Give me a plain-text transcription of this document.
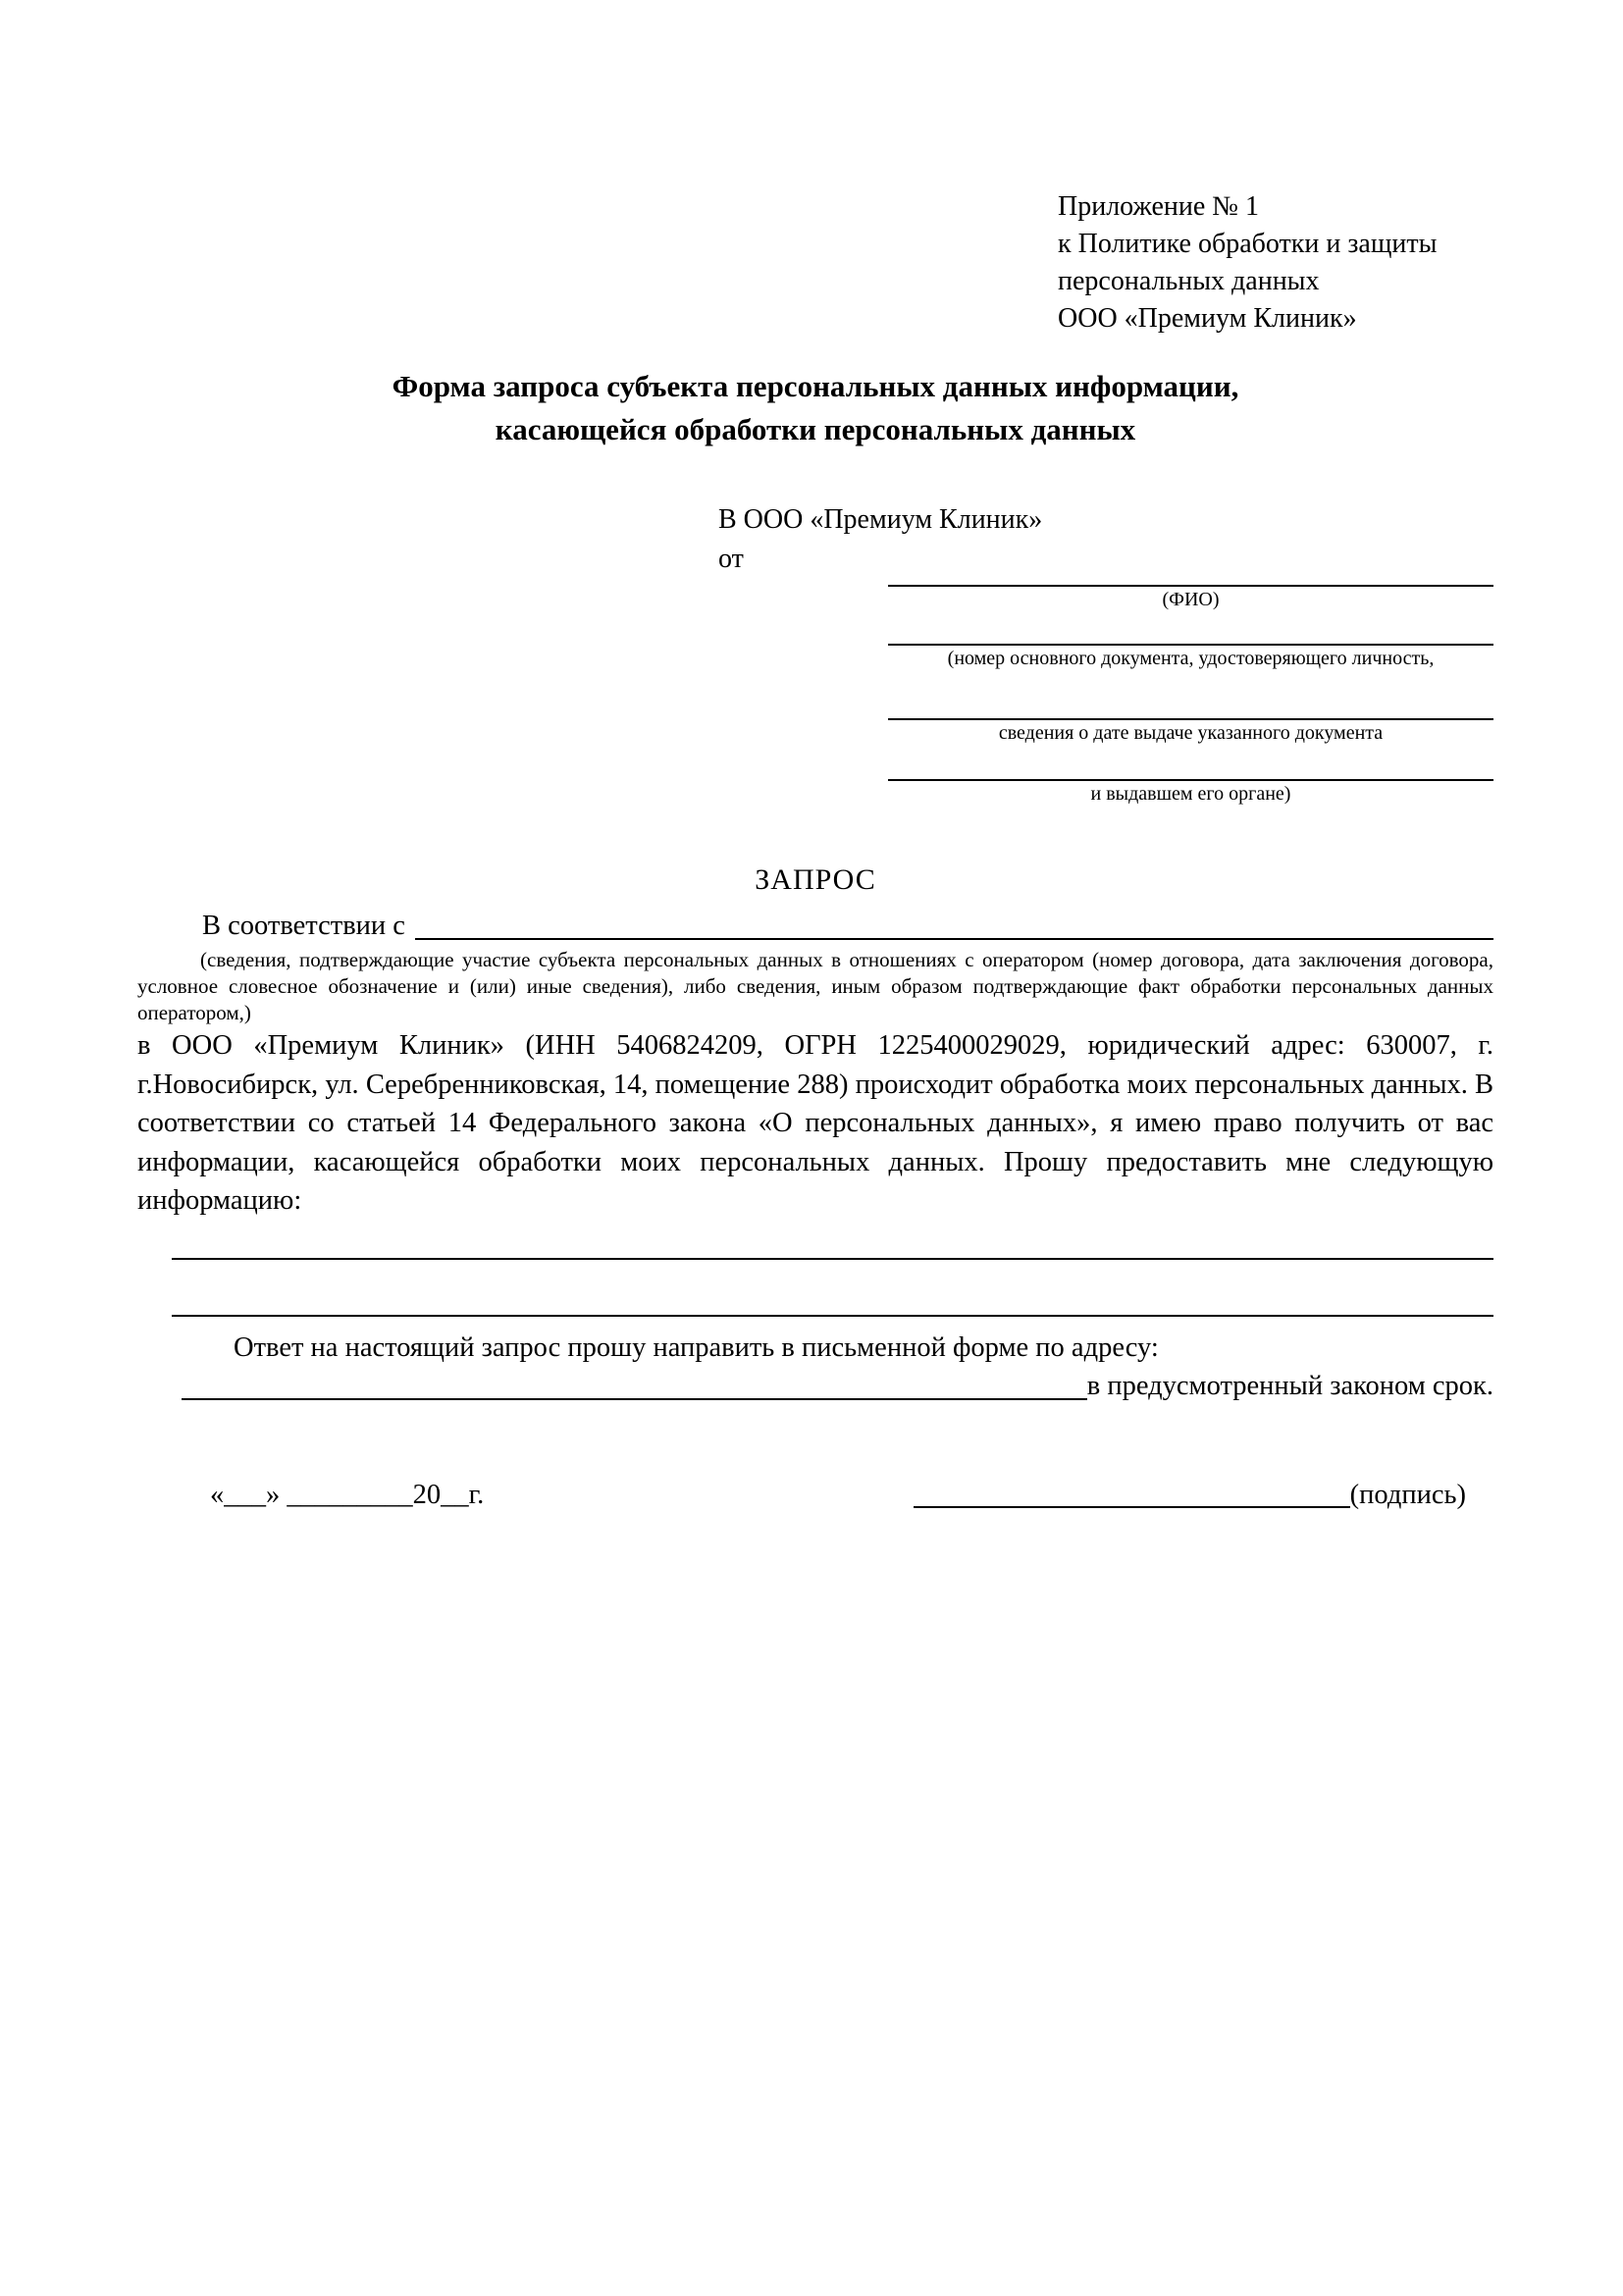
Приложение № 1
к Политике обработки и защиты
персональных данных
ООО «Премиум Клиник»
Форма запроса субъекта персональных данных информации,
касающейся обработки персональных данных
В ООО «Премиум Клиник»
от
(ФИО)
(номер основного документа, удостоверяющего личность,
сведения о дате выдаче указанного документа
и выдавшем его органе)
ЗАПРОС
В соответствии с
(сведения, подтверждающие участие субъекта персональных данных в отношениях с оператором (номер договора, дата заключения договора, условное словесное обозначение и (или) иные сведения), либо сведения, иным образом подтверждающие факт обработки персональных данных оператором,)
в ООО «Премиум Клиник» (ИНН 5406824209, ОГРН 1225400029029, юридический адрес: 630007, г. г.Новосибирск, ул. Серебренниковская, 14, помещение 288) происходит обработка моих персональных данных. В соответствии со статьей 14 Федерального закона «О персональных данных», я имею право получить от вас информации, касающейся обработки моих персональных данных. Прошу предоставить мне следующую информацию:
Ответ на настоящий запрос прошу направить в письменной форме по адресу:
в предусмотренный законом срок.
«___» _________20__г.	(подпись)
